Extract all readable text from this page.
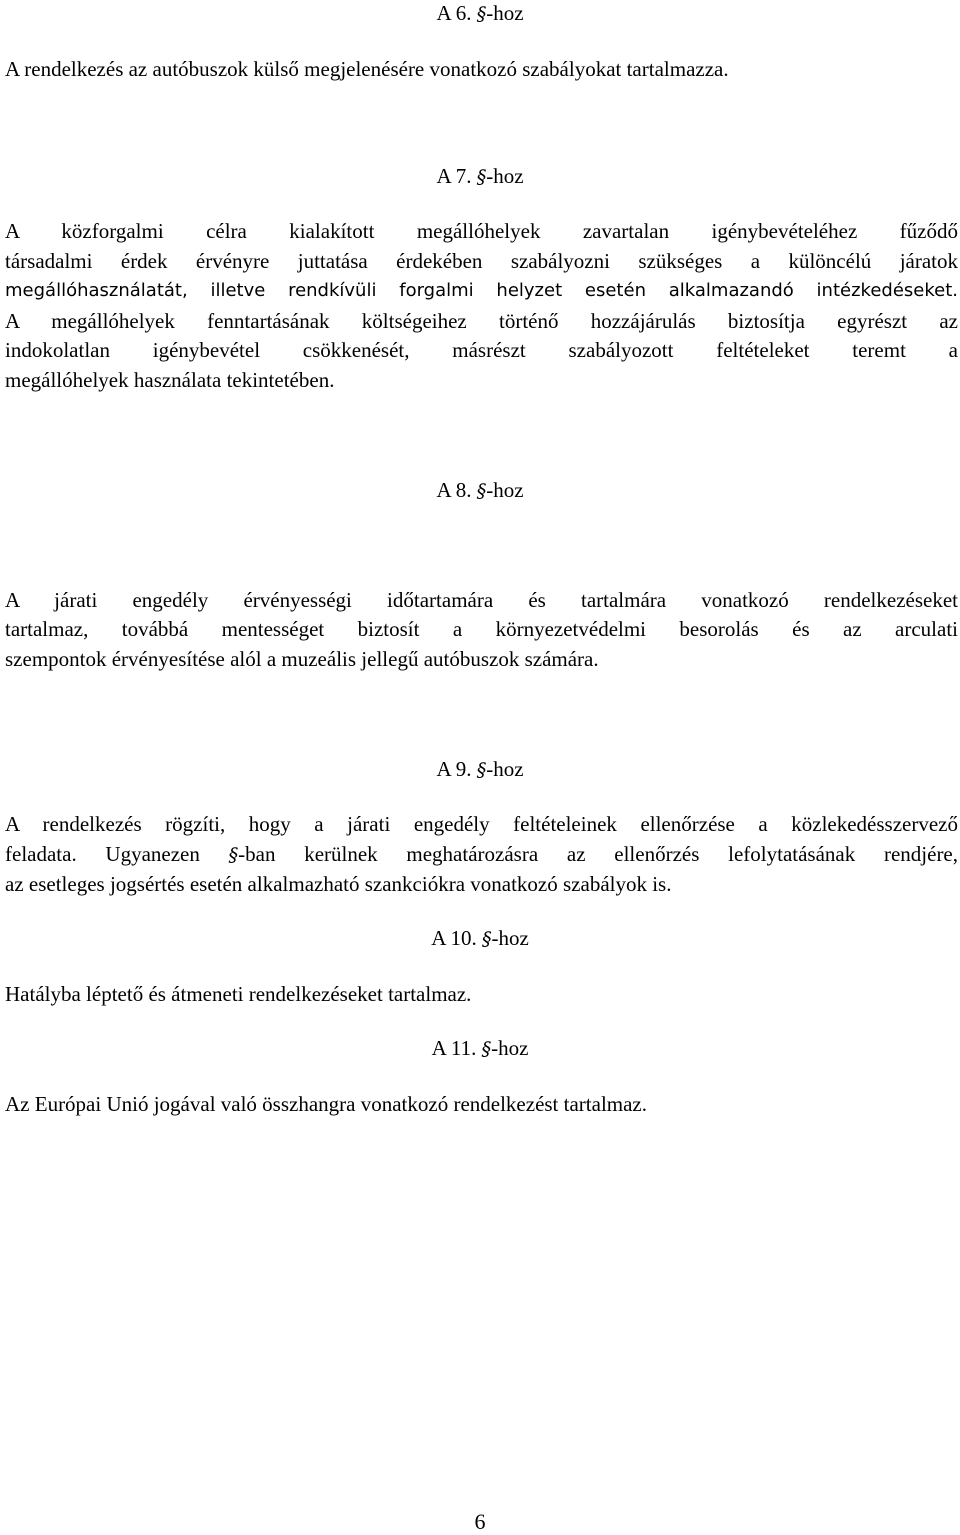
A 6. §-hoz
A rendelkezés az autóbuszok külső megjelenésére vonatkozó szabályokat tartalmazza.
A 7. §-hoz
A közforgalmi célra kialakított megállóhelyek zavartalan igénybevételéhez fűződő
társadalmi érdek érvényre juttatása érdekében szabályozni szükséges a különcélú járatok
megállóhasználatát, illetve rendkívüli forgalmi helyzet esetén alkalmazandó intézkedéseket.
A megállóhelyek fenntartásának költségeihez történő hozzájárulás biztosítja egyrészt az
indokolatlan igénybevétel csökkenését, másrészt szabályozott feltételeket teremt a
megállóhelyek használata tekintetében.
A 8. §-hoz
A járati engedély érvényességi időtartamára és tartalmára vonatkozó rendelkezéseket
tartalmaz, továbbá mentességet biztosít a környezetvédelmi besorolás és az arculati
szempontok érvényesítése alól a muzeális jellegű autóbuszok számára.
A 9. §-hoz
A rendelkezés rögzíti, hogy a járati engedély feltételeinek ellenőrzése a közlekedésszervező
feladata. Ugyanezen §-ban kerülnek meghatározásra az ellenőrzés lefolytatásának rendjére,
az esetleges jogsértés esetén alkalmazható szankciókra vonatkozó szabályok is.
A 10. §-hoz
Hatályba léptető és átmeneti rendelkezéseket tartalmaz.
A 11. §-hoz
Az Európai Unió jogával való összhangra vonatkozó rendelkezést tartalmaz.
6
